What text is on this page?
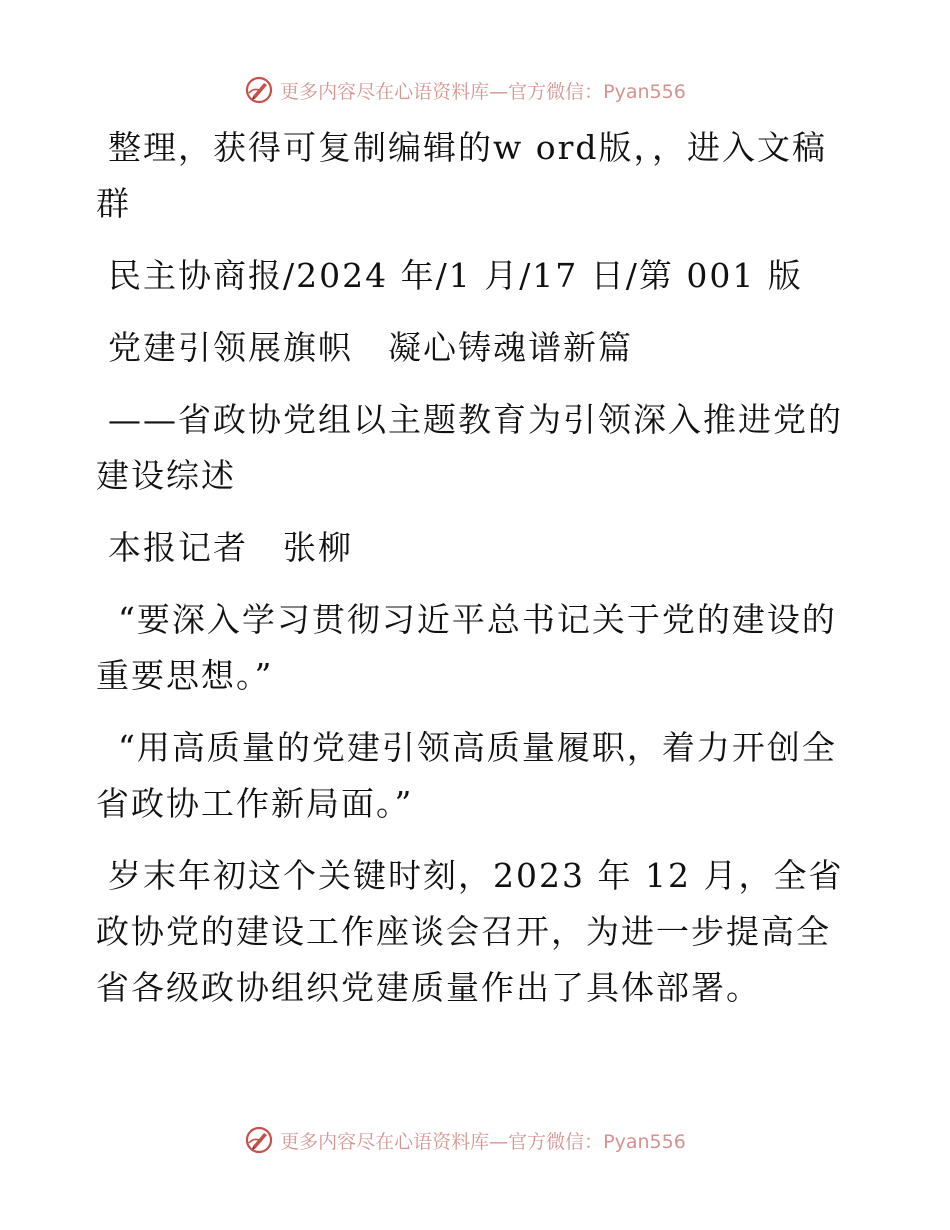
更多内容尽在心语资料库—官方微信：Pyan556

整理，获得可复制编辑的w ord版，，进入文稿群

民主协商报/2024 年/1 月/17 日/第 001 版

党建引领展旗帜　凝心铸魂谱新篇

——省政协党组以主题教育为引领深入推进党的建设综述

本报记者　张柳

“要深入学习贯彻习近平总书记关于党的建设的重要思想。”

“用高质量的党建引领高质量履职，着力开创全省政协工作新局面。”

岁末年初这个关键时刻，2023 年 12 月，全省政协党的建设工作座谈会召开，为进一步提高全省各级政协组织党建质量作出了具体部署。

更多内容尽在心语资料库—官方微信：Pyan556
